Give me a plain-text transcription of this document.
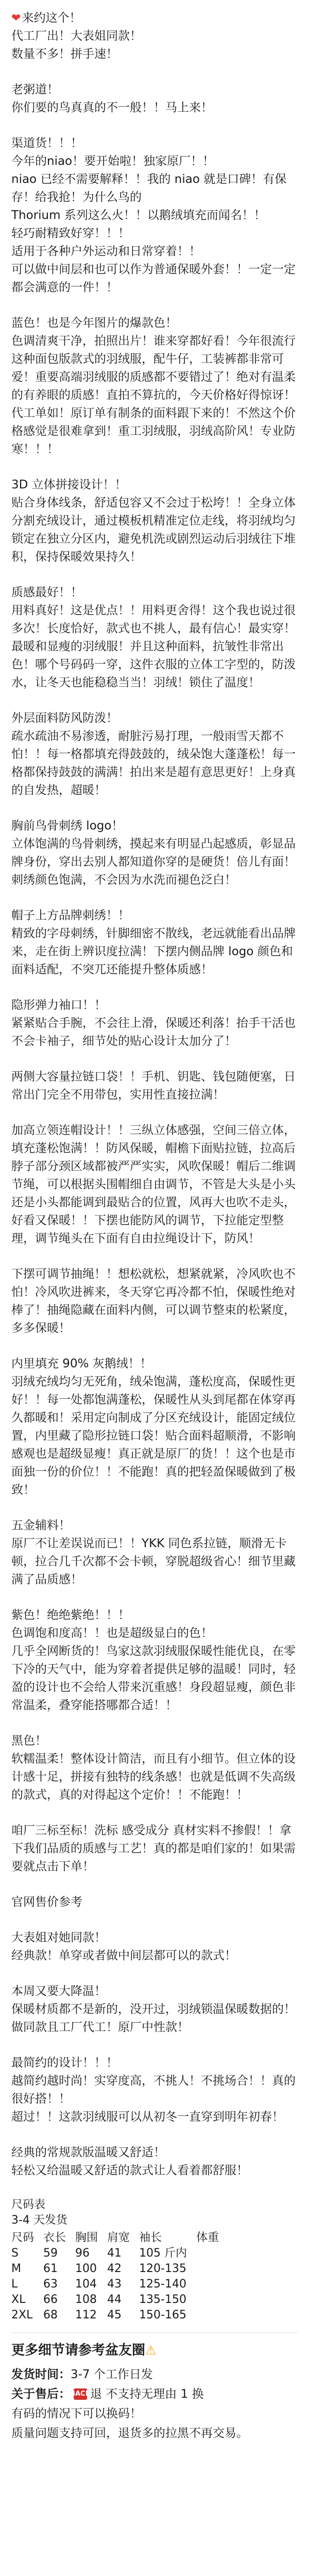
❤来约这个！
代工厂出！大表姐同款！
数量不多！拼手速！
老粥道！
你们要的鸟真真的不一般！！马上来！
渠道货！！！
今年的niao！要开始啦！独家原厂！！
niao 已经不需要解释！！我的 niao 就是口碑！有保存！给我抢！为什么鸟的
Thorium 系列这么火！！以鹅绒填充而闻名！！
轻巧耐精致好穿！！！
适用于各种户外运动和日常穿着！！
可以做中间层和也可以作为普通保暖外套！！一定一定都会满意的一件！！
蓝色！也是今年图片的爆款色！
色调清爽干净，拍照出片！谁来穿都好看！今年很流行这种面包版款式的羽绒服，配牛仔，工装裤都非常可爱！重要高端羽绒服的质感都不要错过了！绝对有温柔的有养眼的质感！直拍不算抗的，今天价格好得惊讶！
代工单如！原订单有制条的面料跟下来的！不然这个价格感觉是很难拿到！重工羽绒服，羽绒高阶风！专业防寒！！！
3D 立体拼接设计！！
贴合身体线条，舒适包容又不会过于松垮！！全身立体分割充绒设计，通过模板机精准定位走线，将羽绒均匀锁定在独立分区内，避免机洗或剧烈运动后羽绒往下堆积，保持保暖效果持久！
质感最好！！
用料真好！这是优点！！用料更舍得！这个我也说过很多次！长度恰好，款式也不挑人，最有信心！最实穿！最暖和显瘦的羽绒服！并且这种面料，抗皱性非常出色！哪个号码码一穿，这件衣服的立体工字型的，防泼水，让冬天也能稳稳当当！羽绒！锁住了温度！
外层面料防风防泼！
疏水疏油不易渗透，耐脏污易打理，一般雨雪天都不怕！！每一格都填充得鼓鼓的，绒朵饱大蓬蓬松！每一格都保持鼓鼓的满满！拍出来是超有意思更好！上身真的自发热，超暖！
胸前鸟骨刺绣 logo！
立体饱满的鸟骨刺绣，摸起来有明显凸起感质，彰显品牌身份，穿出去别人都知道你穿的是硬货！倍儿有面！刺绣颜色饱满，不会因为水洗而褪色泛白！
帽子上方品牌刺绣！！
精致的字母刺绣，针脚细密不散线，老远就能看出品牌来，走在街上辨识度拉满！下摆内侧品牌 logo 颜色和面料适配，不突兀还能提升整体质感！
隐形弹力袖口！！
紧紧贴合手腕，不会往上滑，保暖还利落！抬手干活也不会卡袖子，细节处的贴心设计太加分了！
两侧大容量拉链口袋！！手机、钥匙、钱包随便塞，日常出门完全不用带包，实用性直接拉满！
加高立领连帽设计！！三纵立体感强，空间三倍立体，填充蓬松饱满！！防风保暖，帽檐下面贴拉链，拉高后脖子部分颈区域都被严严实实，风吹保暖！帽后二维调节绳，可以根据头围帽细自由调节，不管是大头是小头还是小头都能调到最贴合的位置，风再大也吹不走头，好看又保暖！！下摆也能防风的调节，下拉能定型整理，调节绳头在下面有自由拉绳设计下，防风！
下摆可调节抽绳！！想松就松，想紧就紧，冷风吹也不怕！冷风吹进裤来，冬天穿它再冷都不怕，保暖性绝对棒了！抽绳隐藏在面料内侧，可以调节整束的松紧度，多多保暖！
内里填充 90% 灰鹅绒！！
羽绒充绒均匀无死角，绒朵饱满，蓬松度高，保暖性更好！！每一处都饱满蓬松，保暖性从头到尾都在体穿再久都暖和！采用定向制成了分区充绒设计，能固定绒位置，内里藏了隐形拉链口袋！贴合面料超顺滑，不影响感观也是超级显瘦！真正就是原厂的货！！这个也是市面独一份的价位！！不能跑！真的把轻盈保暖做到了极致！
五金辅料！
原厂不让差误说而已！！YKK 同色系拉链，顺滑无卡顿，拉合几千次都不会卡顿，穿脱超级省心！细节里藏满了品质感！
紫色！绝绝紫绝！！！
色调饱和度高！！也是超级显白的色！
几乎全网断货的！鸟家这款羽绒服保暖性能优良，在零下冷的天气中，能为穿着者提供足够的温暖！同时，轻盈的设计也不会给人带来沉重感！身段超显瘦，颜色非常温柔，叠穿能搭哪都合适！！
黑色！
软糯温柔！整体设计简洁，而且有小细节。但立体的设计感十足，拼接有独特的线条感！也就是低调不失高级的款式，真的对得起这个定价！！不能跑！！
咱厂三标至标！洗标 感受成分 真材实料不掺假！！拿下我们品质的质感与工艺！真的都是咱们家的！如果需要就点击下单！
官网售价参考
大表姐对她同款！
经典款！单穿或者做中间层都可以的款式！
本周又要大降温！
保暖材质都不是新的，没开过，羽绒锁温保暖数据的！做同款且工厂代工！原厂中性款！
最简约的设计！！！
越简约越时尚！实穿度高，不挑人！不挑场合！！真的很好搭！！
超过！！这款羽绒服可以从初冬一直穿到明年初春！
经典的常规款版温暖又舒适！
轻松又给温暖又舒适的款式让人看着都舒服！
尺码表
3-4 天发货
尺码	衣长	胸围	肩宽	袖长	体重
S	59	96	41	105 斤内	
M	61	100	42	120-135	
L	63	104	43	125-140	
XL	66	108	44	135-150	
2XL	68	112	45	150-165	
更多细节请参考盆友圈⚠
发货时间： 3-7 个工作日发
关于售后： BACK 退 不支持无理由 1 换
有码的情况下可以换码！
质量问题支持可回，退货多的拉黑不再交易。
